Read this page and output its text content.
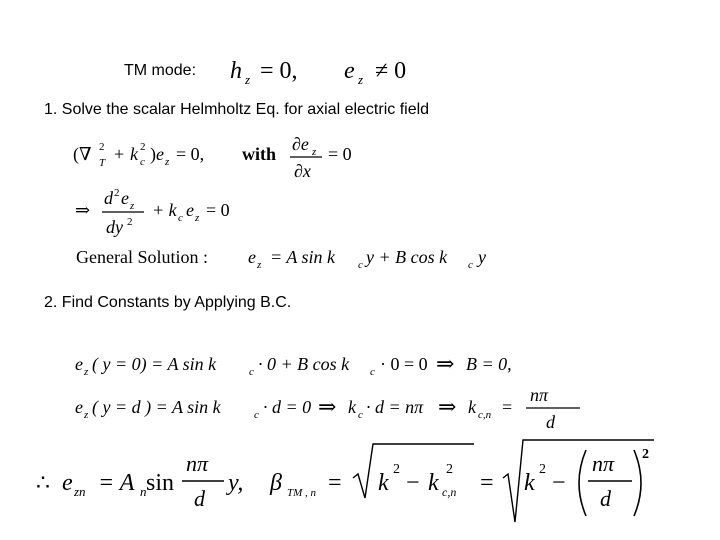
TM mode:
1. Solve the scalar Helmholtz Eq. for axial electric field
2. Find Constants by Applying B.C.
h z = 0, e z ≠ 0
(∇ 2
T + k c
2 ) e z = 0, with ∂e z
∂x
= 0
⇒
d 2 e z
dy 2
+ k c e z = 0
General Solution : e z = A sin k c y + B cos k c y
e z ( y = 0) = A sin k	c · 0 + B cos k c · 0 = 0 ⇒ B = 0,
e z ( y = d ) = A sin k	c · d = 0 ⇒ k c · d = nπ ⇒ k c,n =
nπ
d
∴ e zn = A n sin
nπ
d
y, β TM , n = k
2
− k c,n
2
= k
2
−
nπ
d
2
